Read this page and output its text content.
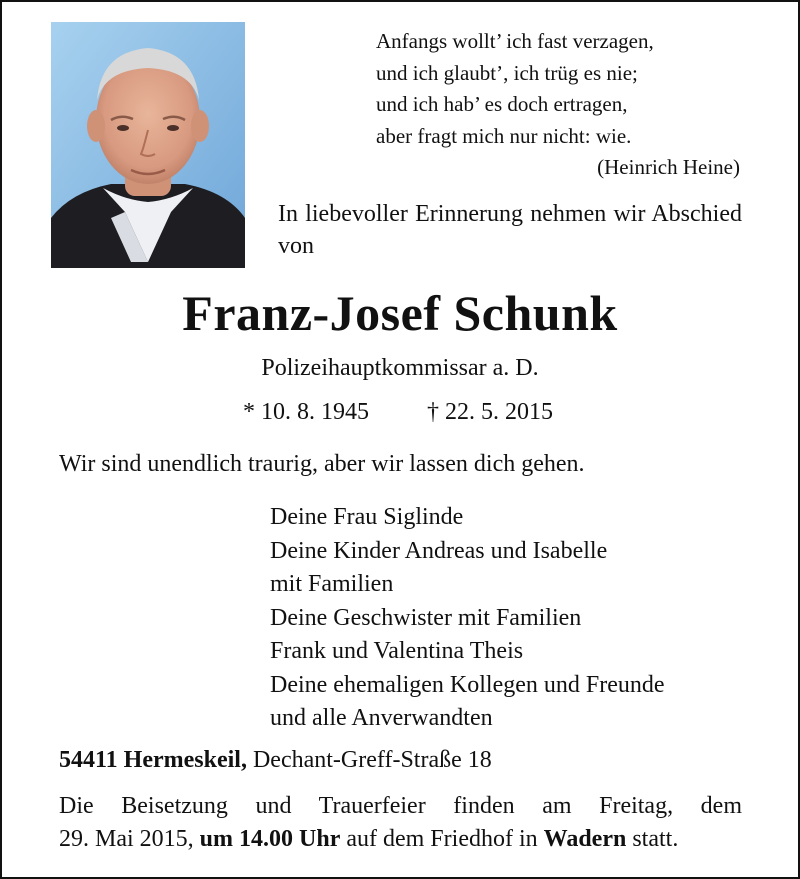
Anfangs wollt’ ich fast verzagen,
und ich glaubt’, ich trüg es nie;
und ich hab’ es doch ertragen,
aber fragt mich nur nicht: wie.
(Heinrich Heine)
In liebevoller Erinnerung nehmen wir Abschied von
Franz-Josef Schunk
Polizeihauptkommissar a. D.
* 10. 8. 1945 † 22. 5. 2015
Wir sind unendlich traurig, aber wir lassen dich gehen.
Deine Frau Siglinde
Deine Kinder Andreas und Isabelle
mit Familien
Deine Geschwister mit Familien
Frank und Valentina Theis
Deine ehemaligen Kollegen und Freunde
und alle Anverwandten
54411 Hermeskeil, Dechant-Greff-Straße 18
Die Beisetzung und Trauerfeier finden am Freitag, dem
29. Mai 2015, um 14.00 Uhr auf dem Friedhof in Wadern statt.
